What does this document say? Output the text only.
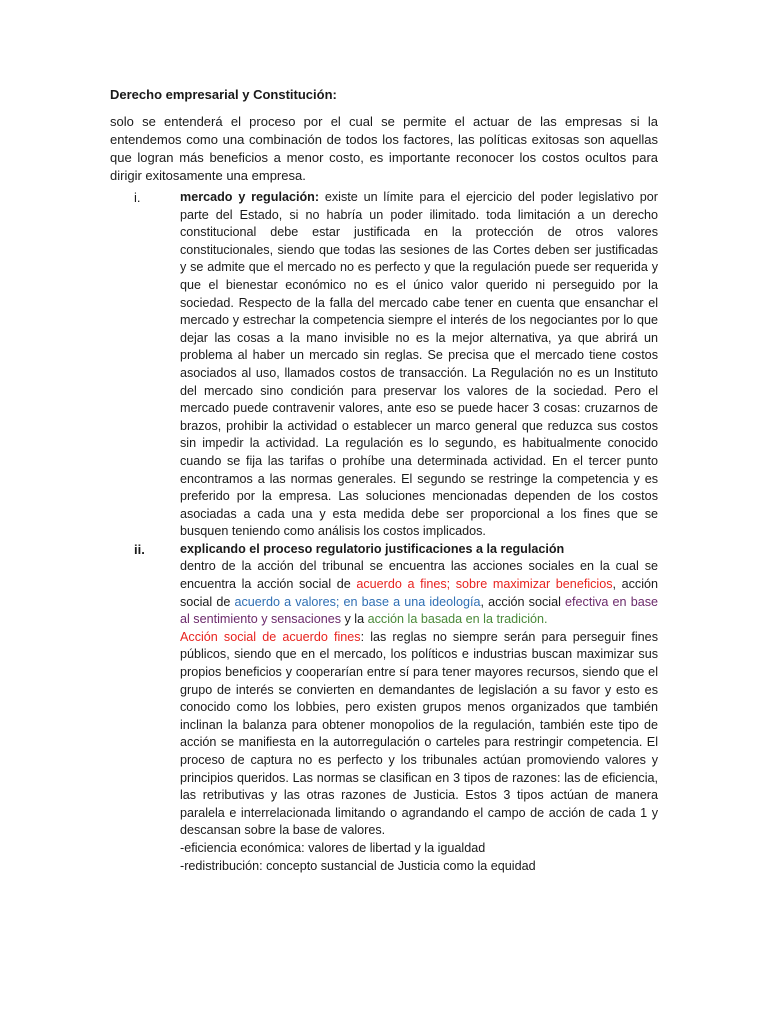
Derecho empresarial y Constitución:

solo se entenderá el proceso por el cual se permite el actuar de las empresas si la entendemos como una combinación de todos los factores, las políticas exitosas son aquellas que logran más beneficios a menor costo, es importante reconocer los costos ocultos para dirigir exitosamente una empresa.

i.	mercado y regulación: existe un límite para el ejercicio del poder legislativo por parte del Estado, si no habría un poder ilimitado. toda limitación a un derecho constitucional debe estar justificada en la protección de otros valores constitucionales, siendo que todas las sesiones de las Cortes deben ser justificadas y se admite que el mercado no es perfecto y que la regulación puede ser requerida y que el bienestar económico no es el único valor querido ni perseguido por la sociedad. Respecto de la falla del mercado cabe tener en cuenta que ensanchar el mercado y estrechar la competencia siempre el interés de los negociantes por lo que dejar las cosas a la mano invisible no es la mejor alternativa, ya que abrirá un problema al haber un mercado sin reglas. Se precisa que el mercado tiene costos asociados al uso, llamados costos de transacción. La Regulación no es un Instituto del mercado sino condición para preservar los valores de la sociedad. Pero el mercado puede contravenir valores, ante eso se puede hacer 3 cosas: cruzarnos de brazos, prohibir la actividad o establecer un marco general que reduzca sus costos sin impedir la actividad. La regulación es lo segundo, es habitualmente conocido cuando se fija las tarifas o prohíbe una determinada actividad. En el tercer punto encontramos a las normas generales. El segundo se restringe la competencia y es preferido por la empresa. Las soluciones mencionadas dependen de los costos asociadas a cada una y esta medida debe ser proporcional a los fines que se busquen teniendo como análisis los costos implicados.

ii.	explicando el proceso regulatorio justificaciones a la regulación

dentro de la acción del tribunal se encuentra las acciones sociales en la cual se encuentra la acción social de acuerdo a fines; sobre maximizar beneficios, acción social de acuerdo a valores; en base a una ideología, acción social efectiva en base al sentimiento y sensaciones y la acción la basada en la tradición.

Acción social de acuerdo fines: las reglas no siempre serán para perseguir fines públicos, siendo que en el mercado, los políticos e industrias buscan maximizar sus propios beneficios y cooperarían entre sí para tener mayores recursos, siendo que el grupo de interés se convierten en demandantes de legislación a su favor y esto es conocido como los lobbies, pero existen grupos menos organizados que también inclinan la balanza para obtener monopolios de la regulación, también este tipo de acción se manifiesta en la autorregulación o carteles para restringir competencia. El proceso de captura no es perfecto y los tribunales actúan promoviendo valores y principios queridos. Las normas se clasifican en 3 tipos de razones: las de eficiencia, las retributivas y las otras razones de Justicia. Estos 3 tipos actúan de manera paralela e interrelacionada limitando o agrandando el campo de acción de cada 1 y descansan sobre la base de valores.

-eficiencia económica: valores de libertad y la igualdad

-redistribución: concepto sustancial de Justicia como la equidad
